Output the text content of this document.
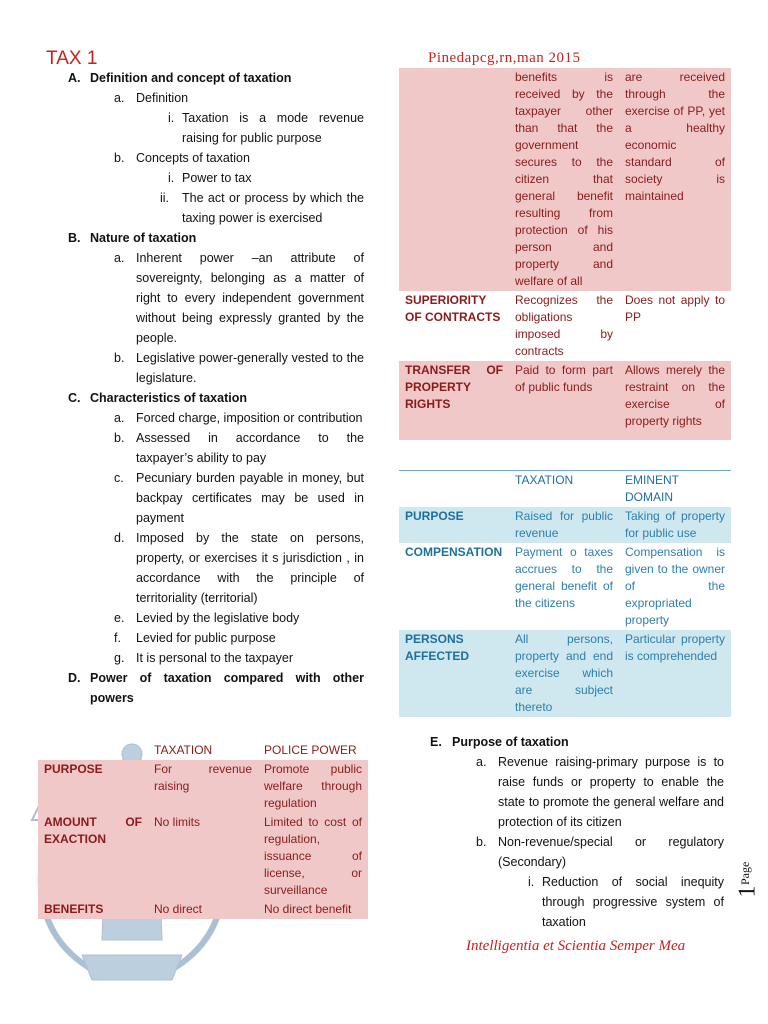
TAX 1	Pinedapcg,rn,man 2015
A. Definition and concept of taxation
a. Definition
i. Taxation is a mode revenue raising for public purpose
b. Concepts of taxation
i. Power to tax
ii.	The act or process by which the taxing power is exercised
B. Nature of taxation
a. Inherent power –an attribute of sovereignty, belonging as a matter of right to every independent government without being expressly granted by the people.
b. Legislative power-generally vested to the legislature.
C. Characteristics of taxation
a. Forced charge, imposition or contribution
b. Assessed in accordance to the taxpayer’s ability to pay
c. Pecuniary burden payable in money, but backpay certificates may be used in payment
d. Imposed by the state on persons, property, or exercises it s jurisdiction , in accordance with the principle of territoriality (territorial)
e. Levied by the legislative body
f.	Levied for public purpose
g. It is personal to the taxpayer
D. Power of taxation compared with other powers
	TAXATION	POLICE POWER
PURPOSE	For revenue raising	Promote public welfare through regulation
AMOUNT OF EXACTION	No limits	Limited to cost of regulation, issuance of license, or surveillance
BENEFITS	No direct	No direct benefit
	benefits is received by the taxpayer other than that the government secures to the citizen that general benefit resulting from protection of his person and property and welfare of all	are received through the exercise of PP, yet a healthy economic standard of society is maintained
SUPERIORITY OF CONTRACTS	Recognizes the obligations imposed by contracts	Does not apply to PP
TRANSFER OF PROPERTY RIGHTS	Paid to form part of public funds	Allows merely the restraint on the exercise of property rights
	TAXATION	EMINENT DOMAIN
PURPOSE	Raised for public revenue	Taking of property for public use
COMPENSATION	Payment o taxes accrues to the general benefit of the citizens	Compensation is given to the owner of the expropriated property
PERSONS AFFECTED	All persons, property and end exercise which are subject thereto	Particular property is comprehended
E. Purpose of taxation
a. Revenue raising-primary purpose is to raise funds or property to enable the state to promote the general welfare and protection of its citizen
b. Non-revenue/special or regulatory (Secondary)
i. Reduction of social inequity through progressive system of taxation
Intelligentia et Scientia Semper Mea
Page
1
